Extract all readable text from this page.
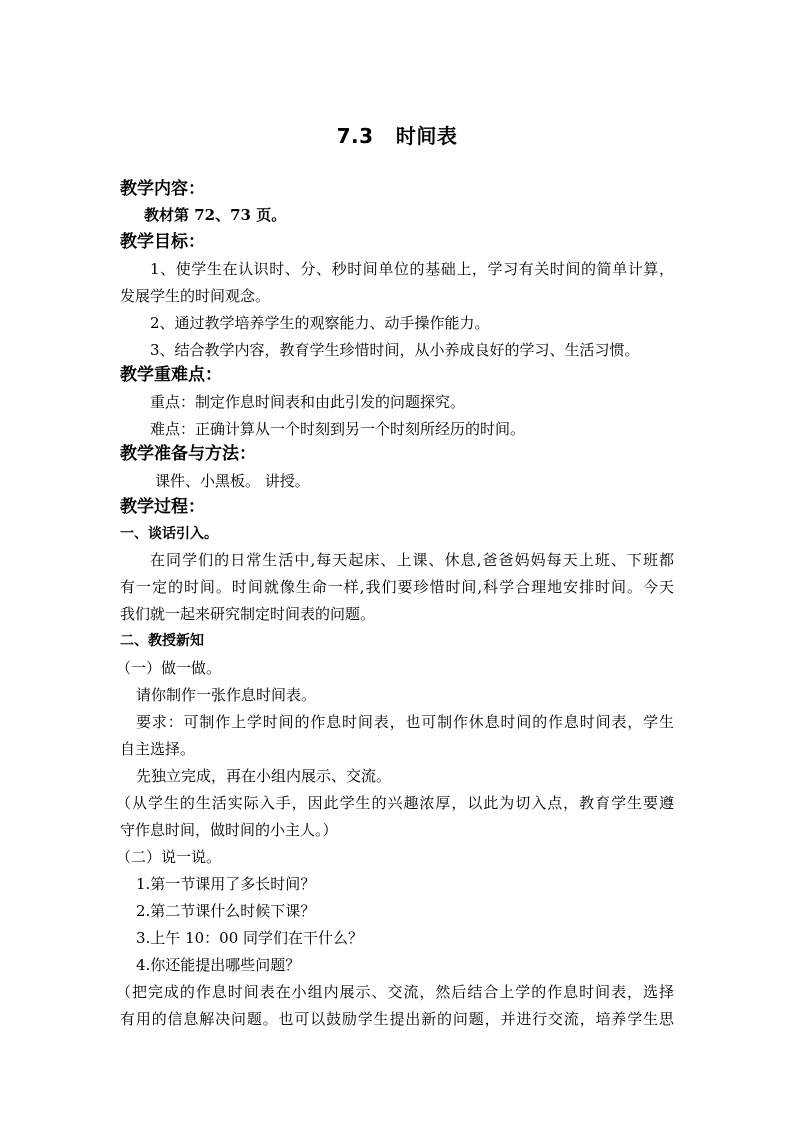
7.3   时间表
教学内容：
教材第 72、73 页。
教学目标：
1、使学生在认识时、分、秒时间单位的基础上，学习有关时间的简单计算，
发展学生的时间观念。
2、通过教学培养学生的观察能力、动手操作能力。
3、结合教学内容，教育学生珍惜时间，从小养成良好的学习、生活习惯。
教学重难点：
重点：制定作息时间表和由此引发的问题探究。
难点：正确计算从一个时刻到另一个时刻所经历的时间。
教学准备与方法：
课件、小黑板。 讲授。
教学过程：
一、谈话引入。
在同学们的日常生活中,每天起床、上课、休息,爸爸妈妈每天上班、下班都
有一定的时间。时间就像生命一样,我们要珍惜时间,科学合理地安排时间。今天
我们就一起来研究制定时间表的问题。
二、教授新知
（一）做一做。
请你制作一张作息时间表。
要求：可制作上学时间的作息时间表，也可制作休息时间的作息时间表，学生
自主选择。
先独立完成，再在小组内展示、交流。
（从学生的生活实际入手，因此学生的兴趣浓厚，以此为切入点，教育学生要遵
守作息时间，做时间的小主人。）
（二）说一说。
1.第一节课用了多长时间？
2.第二节课什么时候下课？
3.上午 10：00 同学们在干什么？
4.你还能提出哪些问题？
（把完成的作息时间表在小组内展示、交流，然后结合上学的作息时间表，选择
有用的信息解决问题。也可以鼓励学生提出新的问题，并进行交流，培养学生思
